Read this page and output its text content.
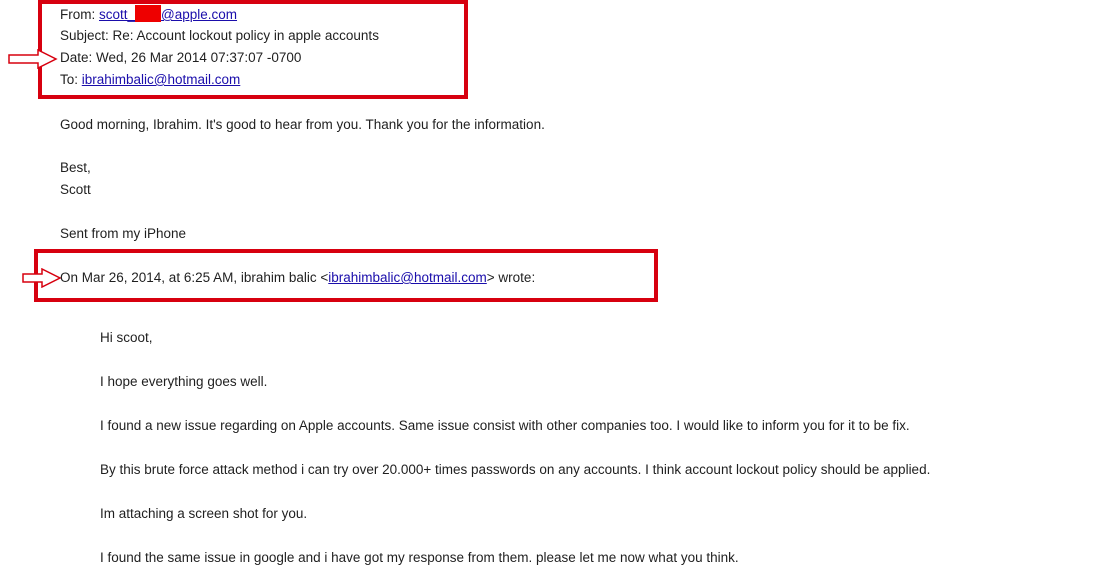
From: scott_ @apple.com
Subject: Re: Account lockout policy in apple accounts
Date: Wed, 26 Mar 2014 07:37:07 -0700
To: ibrahimbalic@hotmail.com
Good morning, Ibrahim. It's good to hear from you. Thank you for the information.
Best,
Scott
Sent from my iPhone
On Mar 26, 2014, at 6:25 AM, ibrahim balic <ibrahimbalic@hotmail.com> wrote:
Hi scoot,
I hope everything goes well.
I found a new issue regarding on Apple accounts. Same issue consist with other companies too. I would like to inform you for it to be fix.
By this brute force attack method i can try over 20.000+ times passwords on any accounts. I think account lockout policy should be applied.
Im attaching a screen shot for you.
I found the same issue in google and i have got my response from them. please let me now what you think.
